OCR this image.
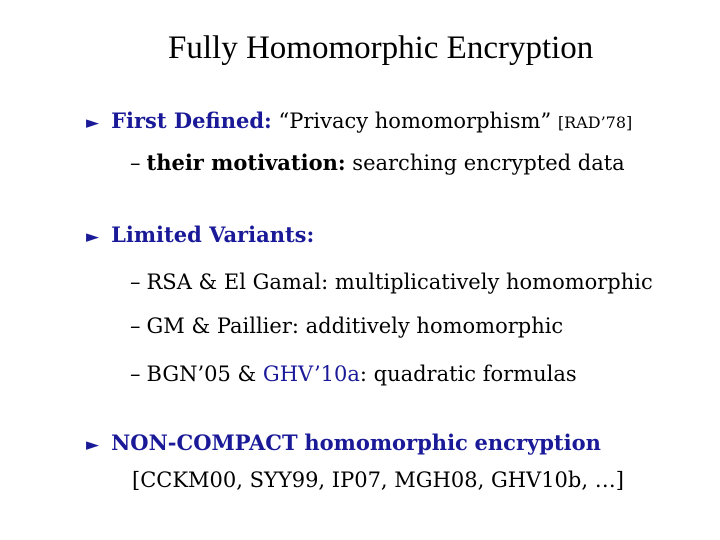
Fully Homomorphic Encryption
► First Defined: “Privacy homomorphism” [RAD’78]
– their motivation: searching encrypted data
► Limited Variants:
– RSA & El Gamal: multiplicatively homomorphic
– GM & Paillier: additively homomorphic
– BGN’05 & GHV’10a: quadratic formulas
► NON-COMPACT homomorphic encryption
[CCKM00, SYY99, IP07, MGH08, GHV10b, …]
